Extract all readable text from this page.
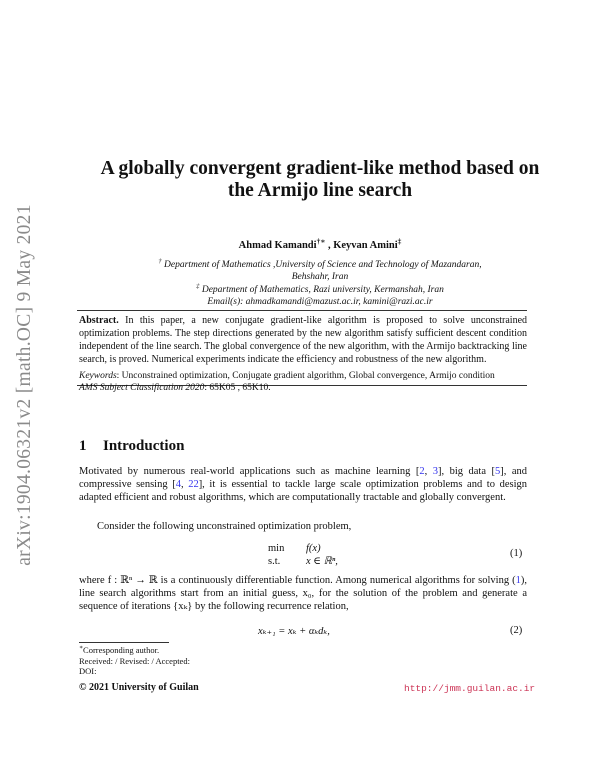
arXiv:1904.06321v2 [math.OC] 9 May 2021
A globally convergent gradient-like method based on
the Armijo line search
Ahmad Kamandi†∗ , Keyvan Amini‡
† Department of Mathematics ,University of Science and Technology of Mazandaran,
Behshahr, Iran
‡ Department of Mathematics, Razi university, Kermanshah, Iran
Email(s): ahmadkamandi@mazust.ac.ir, kamini@razi.ac.ir
Abstract. In this paper, a new conjugate gradient-like algorithm is proposed to solve unconstrained optimization problems. The step directions generated by the new algorithm satisfy sufficient descent condition independent of the line search. The global convergence of the new algorithm, with the Armijo backtracking line search, is proved. Numerical experiments indicate the efficiency and robustness of the new algorithm.
Keywords: Unconstrained optimization, Conjugate gradient algorithm, Global convergence, Armijo condition
AMS Subject Classification 2020: 65K05 , 65K10.
1 Introduction
Motivated by numerous real-world applications such as machine learning [2, 3], big data [5], and compressive sensing [4, 22], it is essential to tackle large scale optimization problems and to design adapted efficient and robust algorithms, which are computationally tractable and globally convergent.
Consider the following unconstrained optimization problem,
min
s.t.
f(x)
x ∈ ℝⁿ,
(1)
where f : ℝⁿ → ℝ is a continuously differentiable function. Among numerical algorithms for solving (1), line search algorithms start from an initial guess, x₀, for the solution of the problem and generate a sequence of iterations {xₖ} by the following recurrence relation,
xₖ₊₁ = xₖ + αₖdₖ,	(2)
∗Corresponding author.
Received: / Revised: / Accepted:
DOI:
© 2021 University of Guilan	http://jmm.guilan.ac.ir
